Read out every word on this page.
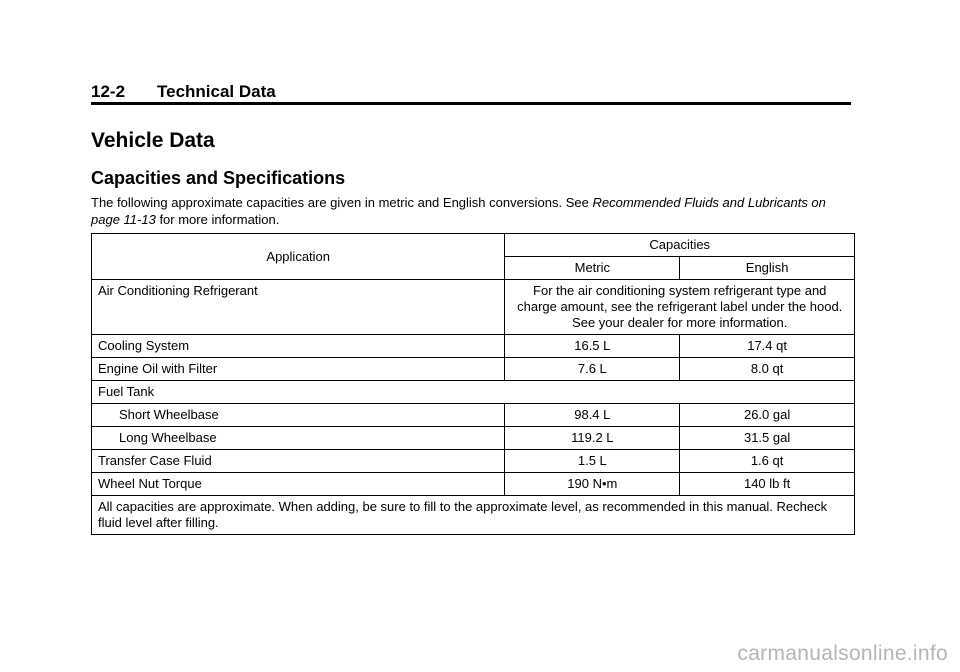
12-2 Technical Data
Vehicle Data
Capacities and Specifications

The following approximate capacities are given in metric and English conversions. See Recommended Fluids and Lubricants on page 11-13 for more information.

Application	Capacities	
	Metric	English
Air Conditioning Refrigerant	For the air conditioning system refrigerant type and charge amount, see the refrigerant label under the hood. See your dealer for more information.	
Cooling System	16.5 L	17.4 qt
Engine Oil with Filter	7.6 L	8.0 qt
Fuel Tank		
Short Wheelbase	98.4 L	26.0 gal
Long Wheelbase	119.2 L	31.5 gal
Transfer Case Fluid	1.5 L	1.6 qt
Wheel Nut Torque	190 N•m	140 lb ft
All capacities are approximate. When adding, be sure to fill to the approximate level, as recommended in this manual. Recheck fluid level after filling.		
carmanualsonline.info
